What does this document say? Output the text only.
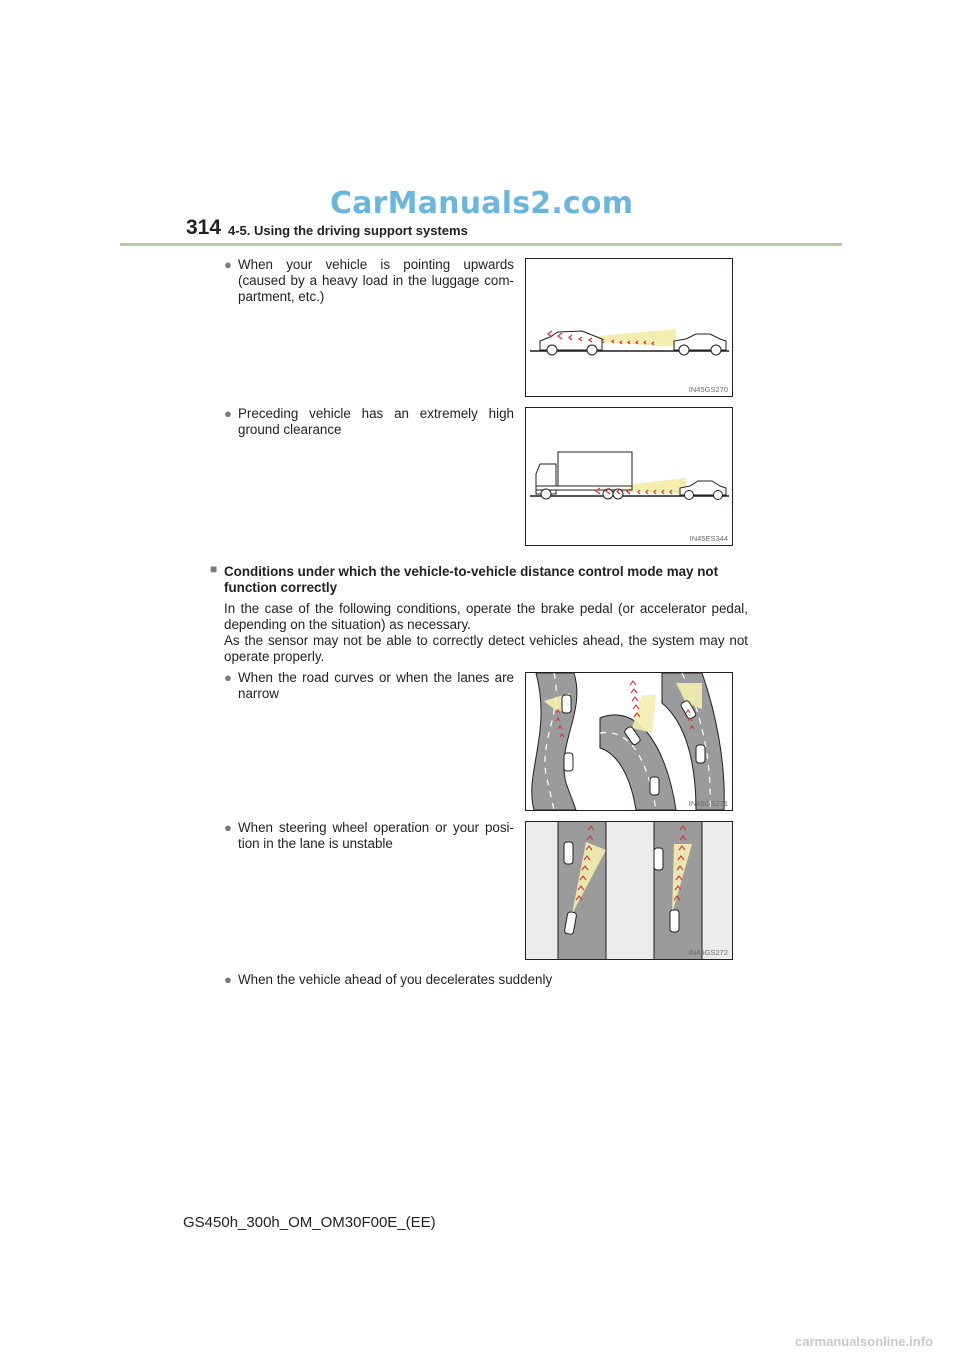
CarManuals2.com
314 4-5. Using the driving support systems
● When your vehicle is pointing upwards (caused by a heavy load in the luggage com-partment, etc.)
IN45GS270
● Preceding vehicle has an extremely high ground clearance
IN45ES344
■ Conditions under which the vehicle-to-vehicle distance control mode may not function correctly
In the case of the following conditions, operate the brake pedal (or accelerator pedal, depending on the situation) as necessary.
As the sensor may not be able to correctly detect vehicles ahead, the system may not operate properly.
● When the road curves or when the lanes are narrow
IN45GS271
● When steering wheel operation or your posi-tion in the lane is unstable
IN45GS272
● When the vehicle ahead of you decelerates suddenly
GS450h_300h_OM_OM30F00E_(EE)
carmanualsonline.info
